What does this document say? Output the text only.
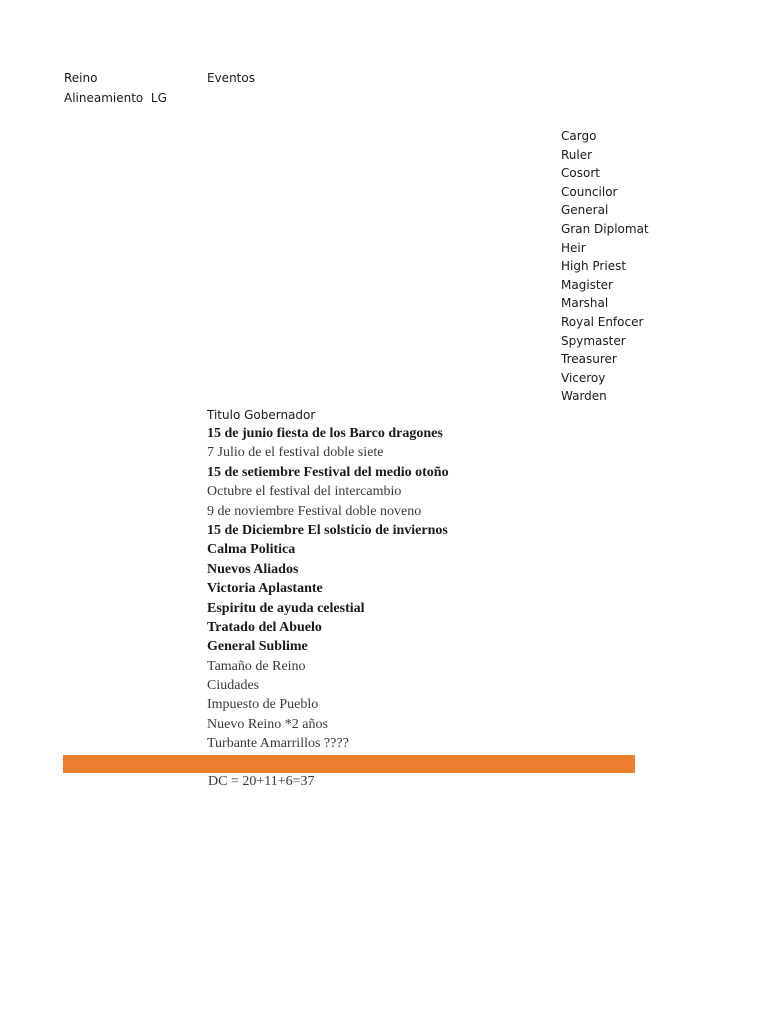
Reino	Eventos
Alineamiento  LG
Cargo
Ruler
Cosort
Councilor
General
Gran Diplomat
Heir
High Priest
Magister
Marshal
Royal Enfocer
Spymaster
Treasurer
Viceroy
Warden
Titulo Gobernador
15 de junio fiesta de los Barco dragones
7 Julio de el festival doble siete
15 de setiembre Festival del medio otoño
Octubre el festival del intercambio
9 de noviembre Festival doble noveno
15 de Diciembre El solsticio de inviernos
Calma Politica
Nuevos Aliados
Victoria Aplastante
Espiritu de ayuda celestial
Tratado del Abuelo
General Sublime
Tamaño de Reino
Ciudades
Impuesto de Pueblo
Nuevo Reino *2 años
Turbante Amarrillos ????
DC = 20+11+6=37
